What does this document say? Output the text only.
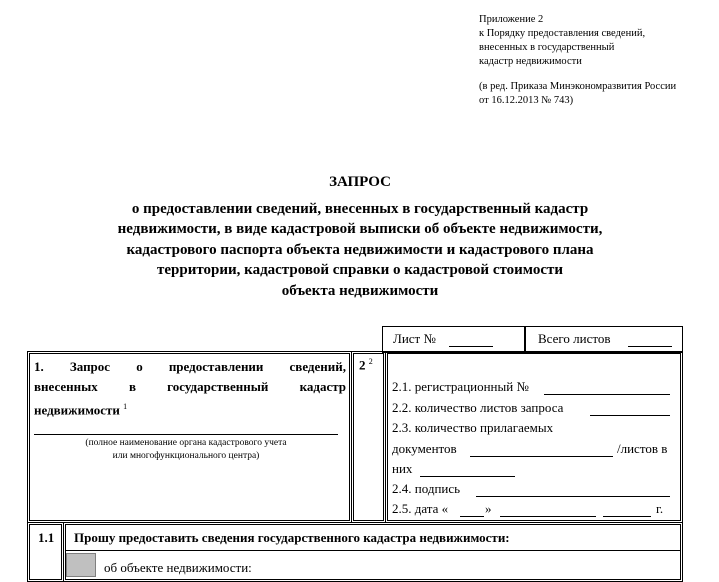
Приложение 2
к Порядку предоставления сведений,
внесенных в государственный
кадастр недвижимости
(в ред. Приказа Минэкономразвития России
от 16.12.2013 № 743)
ЗАПРОС
о предоставлении сведений, внесенных в государственный кадастр
недвижимости, в виде кадастровой выписки об объекте недвижимости,
кадастрового паспорта объекта недвижимости и кадастрового плана
территории, кадастровой справки о кадастровой стоимости
объекта недвижимости
Лист №	Всего листов
1. Запрос о предоставлении сведений,
внесенных в государственный кадастр
недвижимости $^1$
(полное наименование органа кадастрового учета
или многофункционального центра)
2 $^2$
2.1. регистрационный №
2.2. количество листов запроса
2.3. количество прилагаемых
документов	/листов в
них
2.4. подпись
2.5. дата «	»	г.
1.1 Прошу предоставить сведения государственного кадастра недвижимости:
об объекте недвижимости:
